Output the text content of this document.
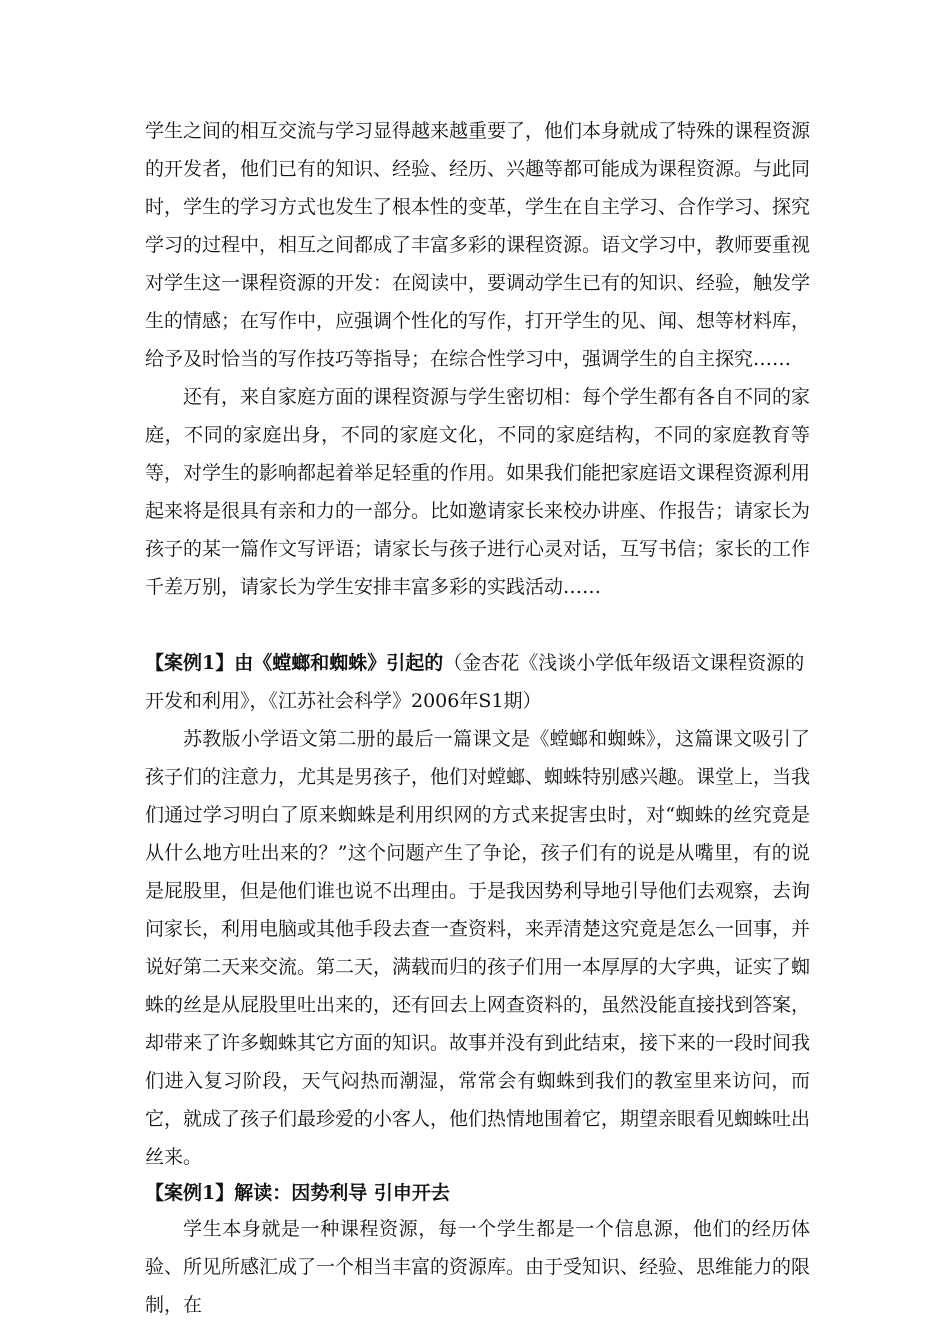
学生之间的相互交流与学习显得越来越重要了，他们本身就成了特殊的课程资源的开发者，他们已有的知识、经验、经历、兴趣等都可能成为课程资源。与此同时，学生的学习方式也发生了根本性的变革，学生在自主学习、合作学习、探究学习的过程中，相互之间都成了丰富多彩的课程资源。语文学习中，教师要重视对学生这一课程资源的开发：在阅读中，要调动学生已有的知识、经验，触发学生的情感；在写作中，应强调个性化的写作，打开学生的见、闻、想等材料库，给予及时恰当的写作技巧等指导；在综合性学习中，强调学生的自主探究……

还有，来自家庭方面的课程资源与学生密切相：每个学生都有各自不同的家庭，不同的家庭出身，不同的家庭文化，不同的家庭结构，不同的家庭教育等等，对学生的影响都起着举足轻重的作用。如果我们能把家庭语文课程资源利用起来将是很具有亲和力的一部分。比如邀请家长来校办讲座、作报告；请家长为孩子的某一篇作文写评语；请家长与孩子进行心灵对话，互写书信；家长的工作千差万别，请家长为学生安排丰富多彩的实践活动……

【案例1】由《螳螂和蜘蛛》引起的（金杏花《浅谈小学低年级语文课程资源的开发和利用》，《江苏社会科学》2006年S1期）

苏教版小学语文第二册的最后一篇课文是《螳螂和蜘蛛》，这篇课文吸引了孩子们的注意力，尤其是男孩子，他们对螳螂、蜘蛛特别感兴趣。课堂上，当我们通过学习明白了原来蜘蛛是利用织网的方式来捉害虫时，对“蜘蛛的丝究竟是从什么地方吐出来的？”这个问题产生了争论，孩子们有的说是从嘴里，有的说是屁股里，但是他们谁也说不出理由。于是我因势利导地引导他们去观察，去询问家长，利用电脑或其他手段去查一查资料，来弄清楚这究竟是怎么一回事，并说好第二天来交流。第二天，满载而归的孩子们用一本厚厚的大字典，证实了蜘蛛的丝是从屁股里吐出来的，还有回去上网查资料的，虽然没能直接找到答案，却带来了许多蜘蛛其它方面的知识。故事并没有到此结束，接下来的一段时间我们进入复习阶段，天气闷热而潮湿，常常会有蜘蛛到我们的教室里来访问，而它，就成了孩子们最珍爱的小客人，他们热情地围着它，期望亲眼看见蜘蛛吐出丝来。

【案例1】解读：因势利导 引申开去

学生本身就是一种课程资源，每一个学生都是一个信息源，他们的经历体验、所见所感汇成了一个相当丰富的资源库。由于受知识、经验、思维能力的限制，在
